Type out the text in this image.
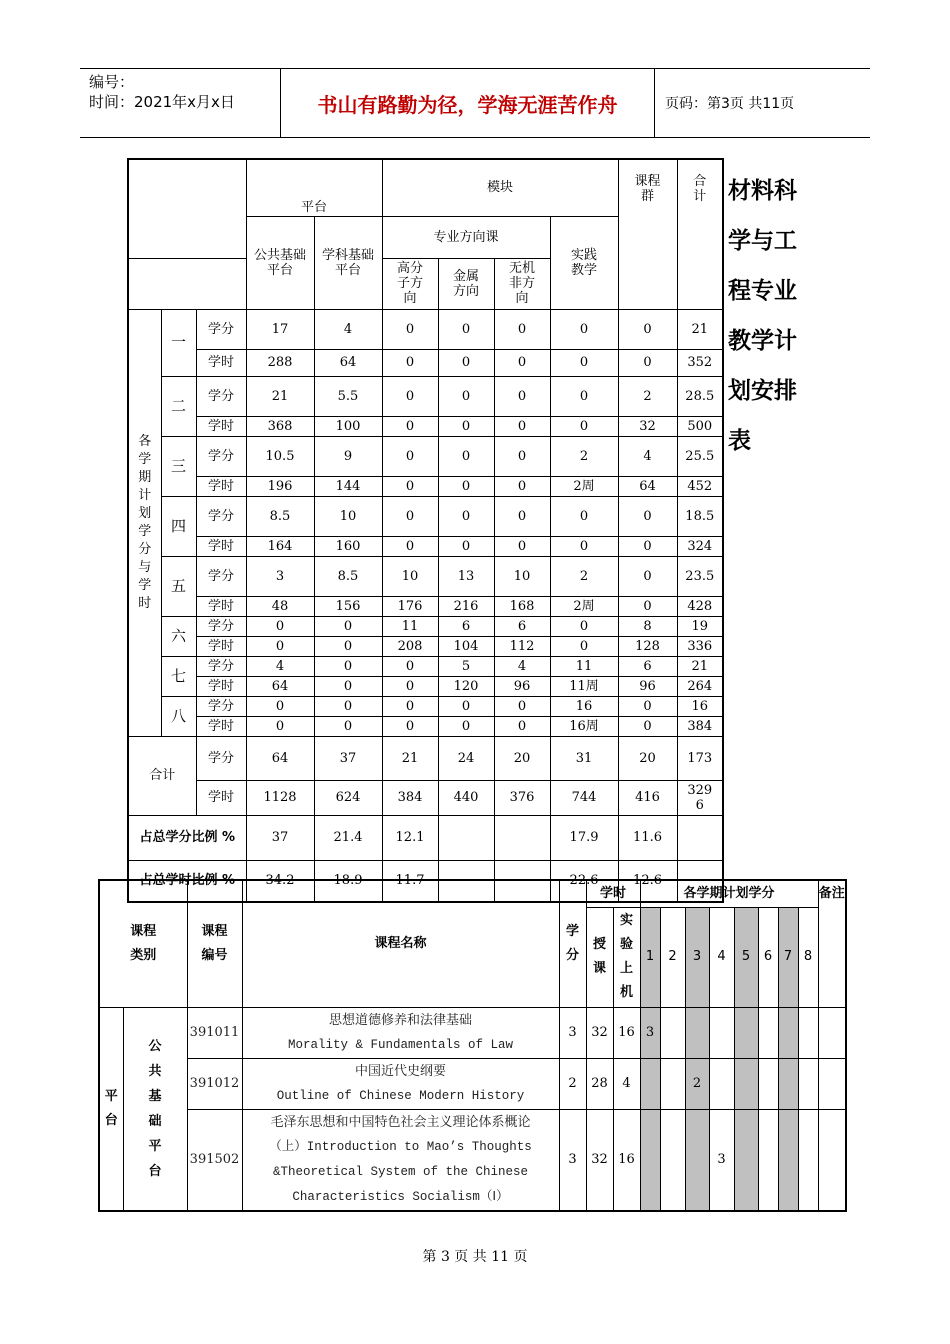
编号：
时间：2021年x月x日	书山有路勤为径，学海无涯苦作舟	页码：第3页 共11页
			平台		模块				课程群	合计

			公共基础平台	学科基础平台	专业方向课			实践教学		

					高分子方向	金属方向	无机非方向			

各学期计划学分与学时	一	学分	17	4	0	0	0	0	0	21

		学时	288	64	0	0	0	0	0	352

	二	学分	21	5.5	0	0	0	0	2	28.5

		学时	368	100	0	0	0	0	32	500

	三	学分	10.5	9	0	0	0	2	4	25.5

		学时	196	144	0	0	0	2周	64	452

	四	学分	8.5	10	0	0	0	0	0	18.5

		学时	164	160	0	0	0	0	0	324

	五	学分	3	8.5	10	13	10	2	0	23.5

		学时	48	156	176	216	168	2周	0	428

	六	学分	0	0	11	6	6	0	8	19

		学时	0	0	208	104	112	0	128	336

	七	学分	4	0	0	5	4	11	6	21

		学时	64	0	0	120	96	11周	96	264

	八	学分	0	0	0	0	0	16	0	16

		学时	0	0	0	0	0	16周	0	384

合计		学分	64	37	21	24	20	31	20	173
		学时	1128	624	384	440	376	744	416	3296

占总学分比例 %			37	21.4	12.1			17.9	11.6	
占总学时比例 %			34.2	18.9	11.7			22.6	12.6	
材料科学与工程专业教学计划安排表
课程类别		课程编号	课程名称	学分	学时		各学期计划学分								备注

					授课	实验上机	1	2	3	4	5	6	7	8	

平台	公共基础平台	391011	思想道德修养和法律基础
Morality & Fundamentals of Law	3	32	16	3								
		391012	中国近代史纲要
Outline of Chinese Modern History	2	28	4			2						
		391502	毛泽东思想和中国特色社会主义理论体系概论
（上）Introduction to Mao’s Thoughts
&Theoretical System of the Chinese
Characteristics Socialism（Ⅰ）	3	32	16				3					
第 3 页 共 11 页
